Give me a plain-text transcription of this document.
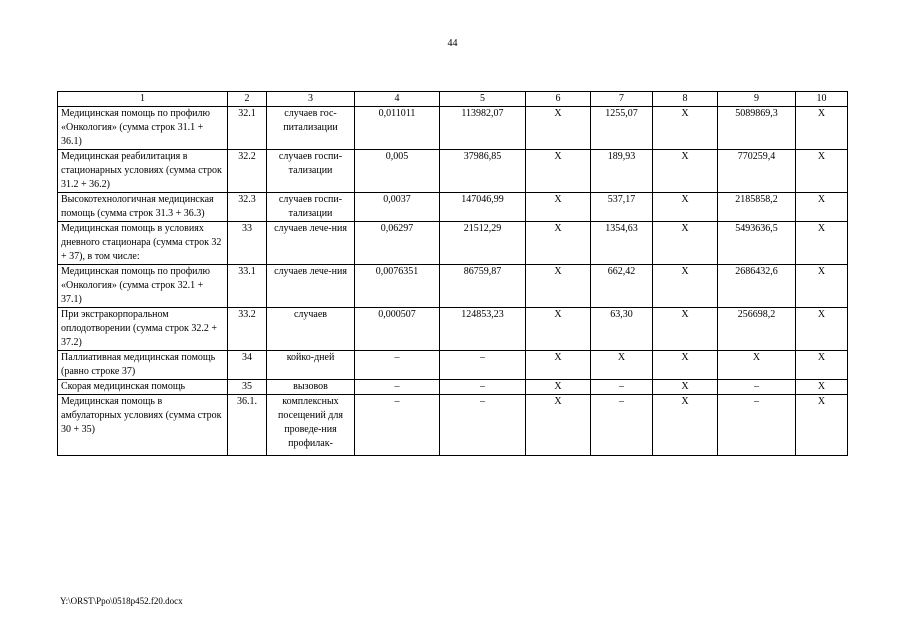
44
1	2	3	4	5	6	7	8	9	10
Медицинская помощь по профилю «Онкология» (сумма строк 31.1 + 36.1)	32.1	случаев гос-питализации	0,011011	113982,07	Х	1255,07	Х	5089869,3	Х
Медицинская реабилитация в стационарных условиях (сумма строк 31.2 + 36.2)	32.2	случаев госпи-тализации	0,005	37986,85	Х	189,93	Х	770259,4	Х
Высокотехнологичная медицинская помощь (сумма строк 31.3 + 36.3)	32.3	случаев госпи-тализации	0,0037	147046,99	Х	537,17	Х	2185858,2	Х
Медицинская помощь в условиях дневного стационара (сумма строк 32 + 37), в том числе:	33	случаев лече-ния	0,06297	21512,29	Х	1354,63	Х	5493636,5	Х
Медицинская помощь по профилю «Онкология» (сумма строк 32.1 + 37.1)	33.1	случаев лече-ния	0,0076351	86759,87	Х	662,42	Х	2686432,6	Х
При экстракорпоральном оплодотворении (сумма строк 32.2 + 37.2)	33.2	случаев	0,000507	124853,23	Х	63,30	Х	256698,2	Х
Паллиативная медицинская помощь (равно строке 37)	34	койко-дней	–	–	Х	Х	Х	Х	Х
Скорая медицинская помощь	35	вызовов	–	–	Х	–	Х	–	Х
Медицинская помощь в амбулаторных условиях (сумма строк 30 + 35)	36.1.	комплексных посещений для проведе-ния профилак-	–	–	Х	–	Х	–	Х
Y:\ORST\Ppo\0518p452.f20.docx
